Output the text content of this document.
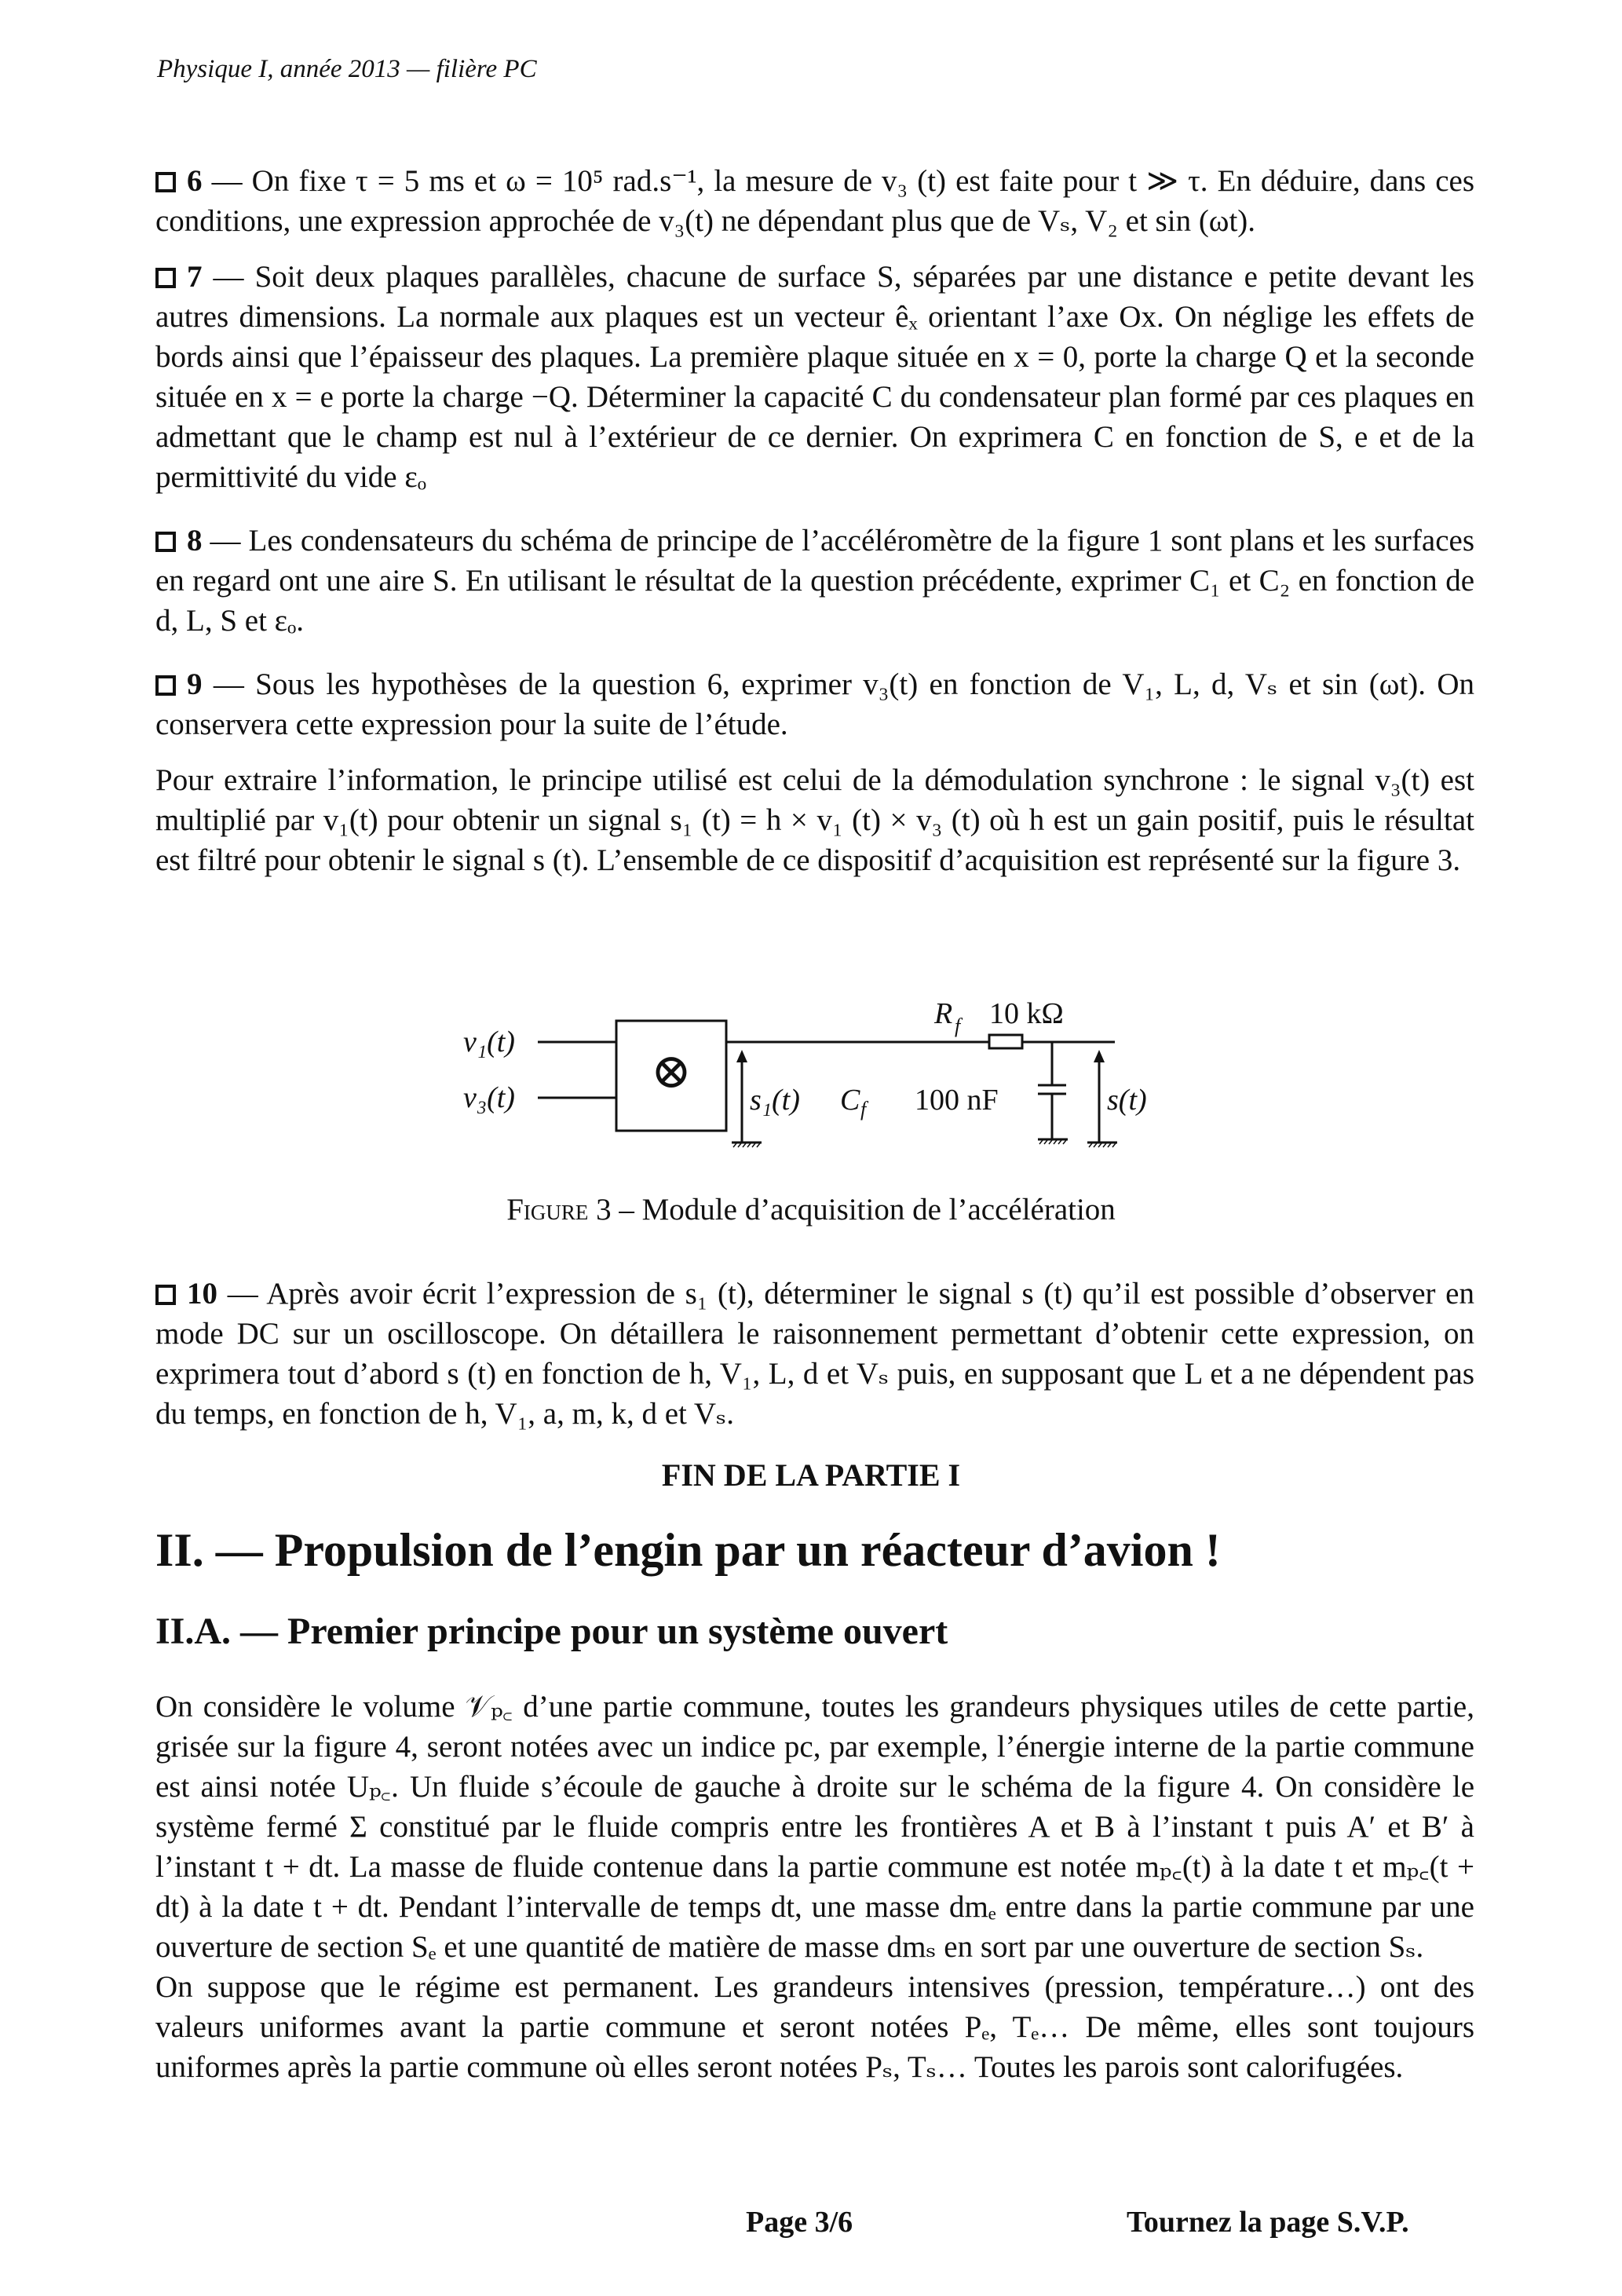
Physique I, année 2013 — filière PC

6 — On fixe τ = 5 ms et ω = 10⁵ rad.s⁻¹, la mesure de v₃ (t) est faite pour t ≫ τ. En déduire, dans ces conditions, une expression approchée de v₃(t) ne dépendant plus que de Vₛ, V₂ et sin (ωt).

7 — Soit deux plaques parallèles, chacune de surface S, séparées par une distance e petite devant les autres dimensions. La normale aux plaques est un vecteur êₓ orientant l’axe Ox. On néglige les effets de bords ainsi que l’épaisseur des plaques. La première plaque située en x = 0, porte la charge Q et la seconde située en x = e porte la charge −Q. Déterminer la capacité C du condensateur plan formé par ces plaques en admettant que le champ est nul à l’extérieur de ce dernier. On exprimera C en fonction de S, e et de la permittivité du vide εₒ

8 — Les condensateurs du schéma de principe de l’accéléromètre de la figure 1 sont plans et les surfaces en regard ont une aire S. En utilisant le résultat de la question précédente, exprimer C₁ et C₂ en fonction de d, L, S et εₒ.

9 — Sous les hypothèses de la question 6, exprimer v₃(t) en fonction de V₁, L, d, Vₛ et sin (ωt). On conservera cette expression pour la suite de l’étude.

Pour extraire l’information, le principe utilisé est celui de la démodulation synchrone : le signal v₃(t) est multiplié par v₁(t) pour obtenir un signal s₁ (t) = h × v₁ (t) × v₃ (t) où h est un gain positif, puis le résultat est filtré pour obtenir le signal s (t). L’ensemble de ce dispositif d’acquisition est représenté sur la figure 3.

v₁(t)
v₃(t)	⊗
s₁(t) C f 100 nF
R f 10 kΩ
s(t)
Figure 3 – Module d’acquisition de l’accélération

10 — Après avoir écrit l’expression de s₁ (t), déterminer le signal s (t) qu’il est possible d’observer en mode DC sur un oscilloscope. On détaillera le raisonnement permettant d’obtenir cette expression, on exprimera tout d’abord s (t) en fonction de h, V₁, L, d et Vₛ puis, en supposant que L et a ne dépendent pas du temps, en fonction de h, V₁, a, m, k, d et Vₛ.

FIN DE LA PARTIE I
II. — Propulsion de l’engin par un réacteur d’avion !
II.A. — Premier principe pour un système ouvert

On considère le volume 𝒱ₚ꜀ d’une partie commune, toutes les grandeurs physiques utiles de cette partie, grisée sur la figure 4, seront notées avec un indice pc, par exemple, l’énergie interne de la partie commune est ainsi notée Uₚ꜀. Un fluide s’écoule de gauche à droite sur le schéma de la figure 4. On considère le système fermé Σ constitué par le fluide compris entre les frontières A et B à l’instant t puis A′ et B′ à l’instant t + dt. La masse de fluide contenue dans la partie commune est notée mₚ꜀(t) à la date t et mₚ꜀(t + dt) à la date t + dt. Pendant l’intervalle de temps dt, une masse dmₑ entre dans la partie commune par une ouverture de section Sₑ et une quantité de matière de masse dmₛ en sort par une ouverture de section Sₛ.

On suppose que le régime est permanent. Les grandeurs intensives (pression, température…) ont des valeurs uniformes avant la partie commune et seront notées Pₑ, Tₑ… De même, elles sont toujours uniformes après la partie commune où elles seront notées Pₛ, Tₛ… Toutes les parois sont calorifugées.

Page 3/6	Tournez la page S.V.P.
